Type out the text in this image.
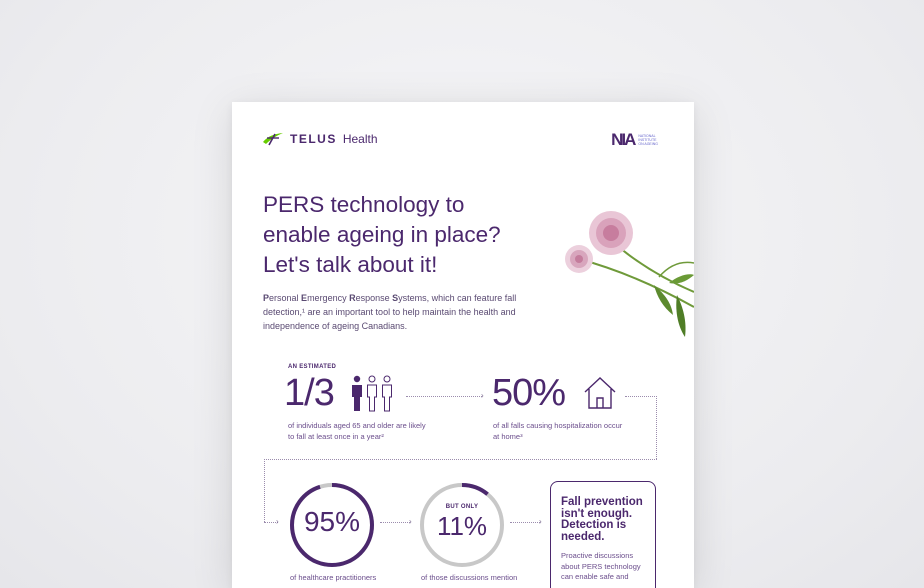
TELUS Health	NIA NATIONAL
INSTITUTE
ON AGEING
PERS technology to enable ageing in place? Let's talk about it!

Personal Emergency Response Systems, which can feature fall detection,¹ are an important tool to help maintain the health and independence of ageing Canadians.

AN ESTIMATED
1/3
of individuals aged 65 and older are likely to fall at least once in a year²
› 50%
of all falls causing hospitalization occur at home³
› 95%
of healthcare practitioners
›
BUT ONLY
11%
of those discussions mention
›

Fall prevention isn't enough. Detection is needed.

Proactive discussions about PERS technology can enable safe and
